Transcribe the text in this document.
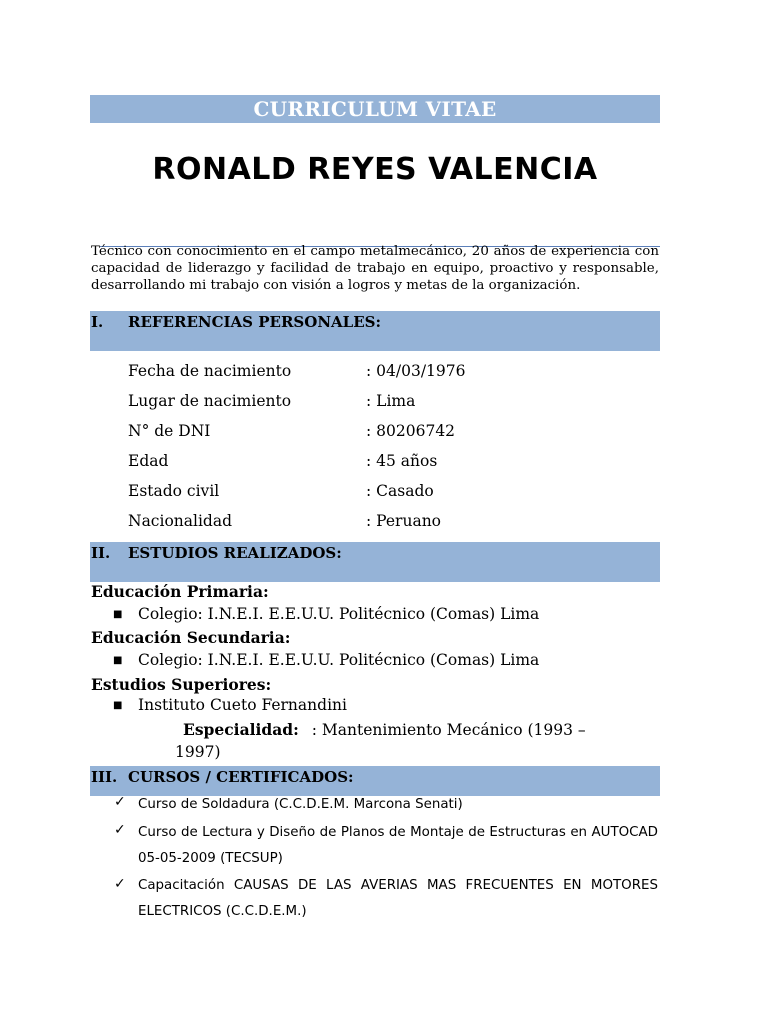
CURRICULUM VITAE
RONALD REYES VALENCIA
Técnico con conocimiento en el campo metalmecánico, 20 años de experiencia con capacidad de liderazgo y facilidad de trabajo en equipo, proactivo y responsable, desarrollando mi trabajo con visión a logros y metas de la organización.
I. REFERENCIAS PERSONALES:
Fecha de nacimiento	: 04/03/1976
Lugar de nacimiento	: Lima
N° de DNI	: 80206742
Edad	: 45 años
Estado civil	: Casado
Nacionalidad	: Peruano
II. ESTUDIOS REALIZADOS:
Educación Primaria:
■ Colegio: I.N.E.I. E.E.U.U. Politécnico (Comas) Lima
Educación Secundaria:
■ Colegio: I.N.E.I. E.E.U.U. Politécnico (Comas) Lima
Estudios Superiores:
■ Instituto Cueto Fernandini
Especialidad: : Mantenimiento Mecánico (1993 –
1997)
III. CURSOS / CERTIFICADOS:
✓ Curso de Soldadura (C.C.D.E.M. Marcona Senati)
✓ Curso de Lectura y Diseño de Planos de Montaje de Estructuras en AUTOCAD 05-05-2009 (TECSUP)
✓ Capacitación CAUSAS DE LAS AVERIAS MAS FRECUENTES EN MOTORES ELECTRICOS (C.C.D.E.M.)
